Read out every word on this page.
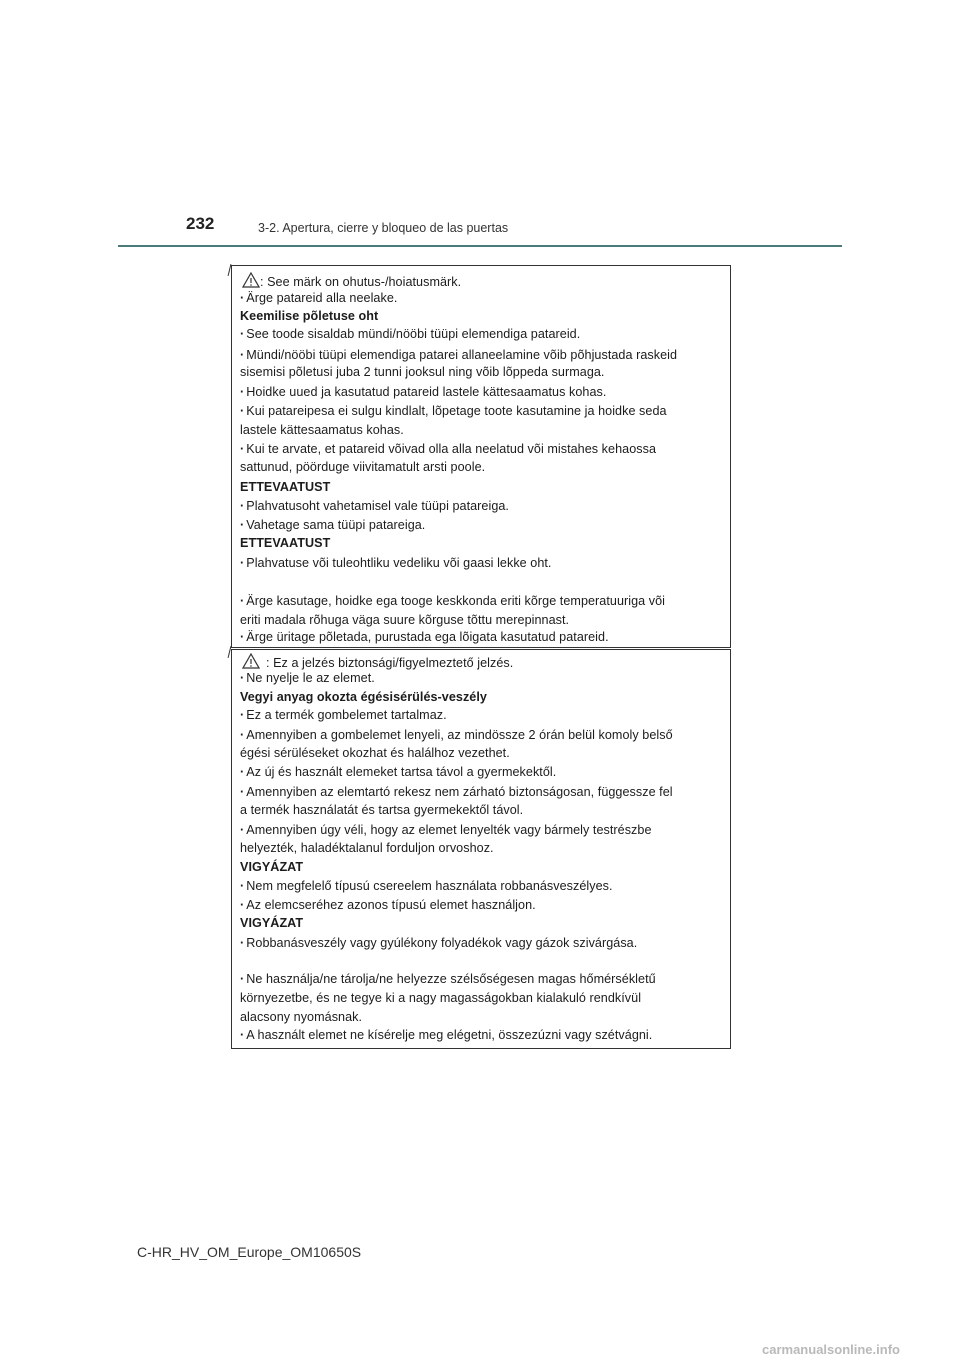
232	3-2. Apertura, cierre y bloqueo de las puertas
: See märk on ohutus-/hoiatusmärk.
· Ärge patareid alla neelake.
Keemilise põletuse oht
· See toode sisaldab mündi/nööbi tüüpi elemendiga patareid.
· Mündi/nööbi tüüpi elemendiga patarei allaneelamine võib põhjustada raskeid
sisemisi põletusi juba 2 tunni jooksul ning võib lõppeda surmaga.
· Hoidke uued ja kasutatud patareid lastele kättesaamatus kohas.
· Kui patareipesa ei sulgu kindlalt, lõpetage toote kasutamine ja hoidke seda
lastele kättesaamatus kohas.
· Kui te arvate, et patareid võivad olla alla neelatud või mistahes kehaossa
sattunud, pöörduge viivitamatult arsti poole.
ETTEVAATUST
· Plahvatusoht vahetamisel vale tüüpi patareiga.
· Vahetage sama tüüpi patareiga.
ETTEVAATUST
· Plahvatuse või tuleohtliku vedeliku või gaasi lekke oht.
· Ärge kasutage, hoidke ega tooge keskkonda eriti kõrge temperatuuriga või
eriti madala rõhuga väga suure kõrguse tõttu merepinnast.
· Ärge üritage põletada, purustada ega lõigata kasutatud patareid.
: Ez a jelzés biztonsági/figyelmeztető jelzés.
· Ne nyelje le az elemet.
Vegyi anyag okozta égésisérülés-veszély
· Ez a termék gombelemet tartalmaz.
· Amennyiben a gombelemet lenyeli, az mindössze 2 órán belül komoly belső
égési sérüléseket okozhat és halálhoz vezethet.
· Az új és használt elemeket tartsa távol a gyermekektől.
· Amennyiben az elemtartó rekesz nem zárható biztonságosan, függessze fel
a termék használatát és tartsa gyermekektől távol.
· Amennyiben úgy véli, hogy az elemet lenyelték vagy bármely testrészbe
helyezték, haladéktalanul forduljon orvoshoz.
VIGYÁZAT
· Nem megfelelő típusú csereelem használata robbanásveszélyes.
· Az elemcseréhez azonos típusú elemet használjon.
VIGYÁZAT
· Robbanásveszély vagy gyúlékony folyadékok vagy gázok szivárgása.
· Ne használja/ne tárolja/ne helyezze szélsőségesen magas hőmérsékletű
környezetbe, és ne tegye ki a nagy magasságokban kialakuló rendkívül
alacsony nyomásnak.
· A használt elemet ne kísérelje meg elégetni, összezúzni vagy szétvágni.
C-HR_HV_OM_Europe_OM10650S
carmanualsonline.info
